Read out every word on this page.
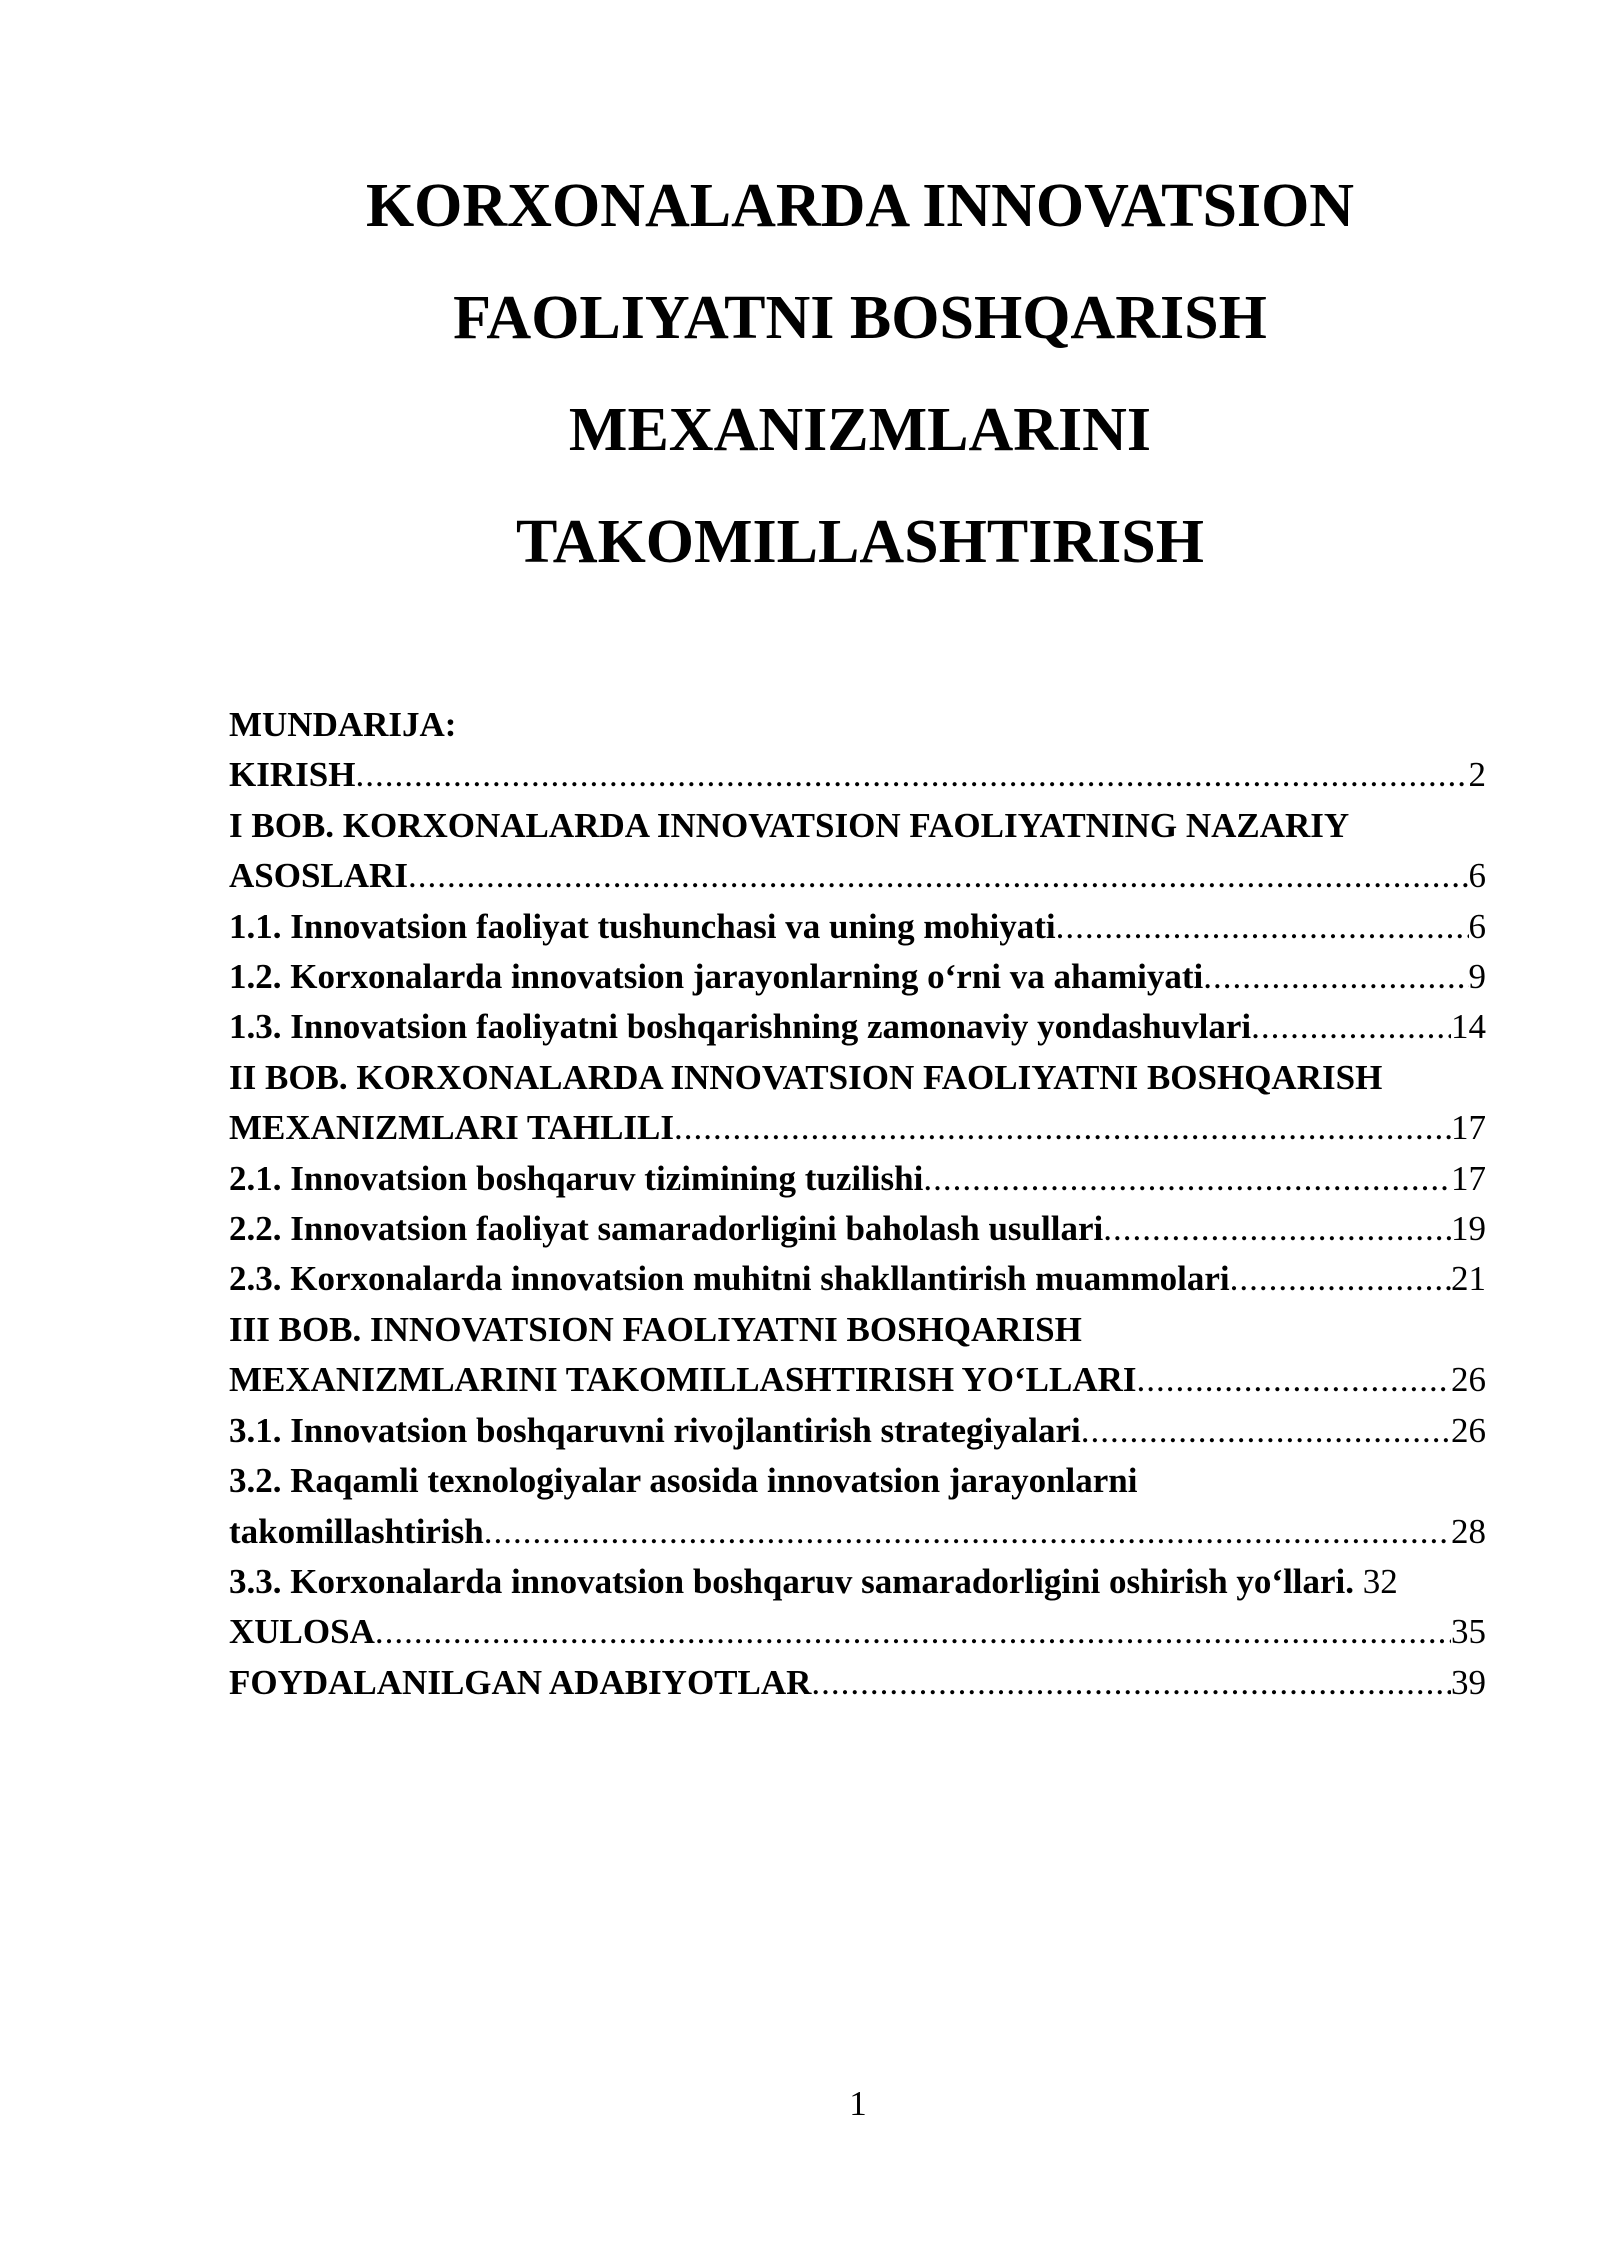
KORXONALARDA INNOVATSION
FAOLIYATNI BOSHQARISH
MEXANIZMLARINI
TAKOMILLASHTIRISH
MUNDARIJA:
KIRISH .....	2
I BOB. KORXONALARDA INNOVATSION FAOLIYATNING NAZARIY
ASOSLARI .....	6
1.1. Innovatsion faoliyat tushunchasi va uning mohiyati .....	6
1.2. Korxonalarda innovatsion jarayonlarning o‘rni va ahamiyati .....	9
1.3. Innovatsion faoliyatni boshqarishning zamonaviy yondashuvlari .....	14
II BOB. KORXONALARDA INNOVATSION FAOLIYATNI BOSHQARISH
MEXANIZMLARI TAHLILI .....	17
2.1. Innovatsion boshqaruv tizimining tuzilishi .....	17
2.2. Innovatsion faoliyat samaradorligini baholash usullari .....	19
2.3. Korxonalarda innovatsion muhitni shakllantirish muammolari .....	21
III BOB. INNOVATSION FAOLIYATNI BOSHQARISH
MEXANIZMLARINI TAKOMILLASHTIRISH YO‘LLARI .....	26
3.1. Innovatsion boshqaruvni rivojlantirish strategiyalari .....	26
3.2. Raqamli texnologiyalar asosida innovatsion jarayonlarni
takomillashtirish .....	28
3.3. Korxonalarda innovatsion boshqaruv samaradorligini oshirish yo‘llari. 32
XULOSA .....	35
FOYDALANILGAN ADABIYOTLAR .....	39
1
